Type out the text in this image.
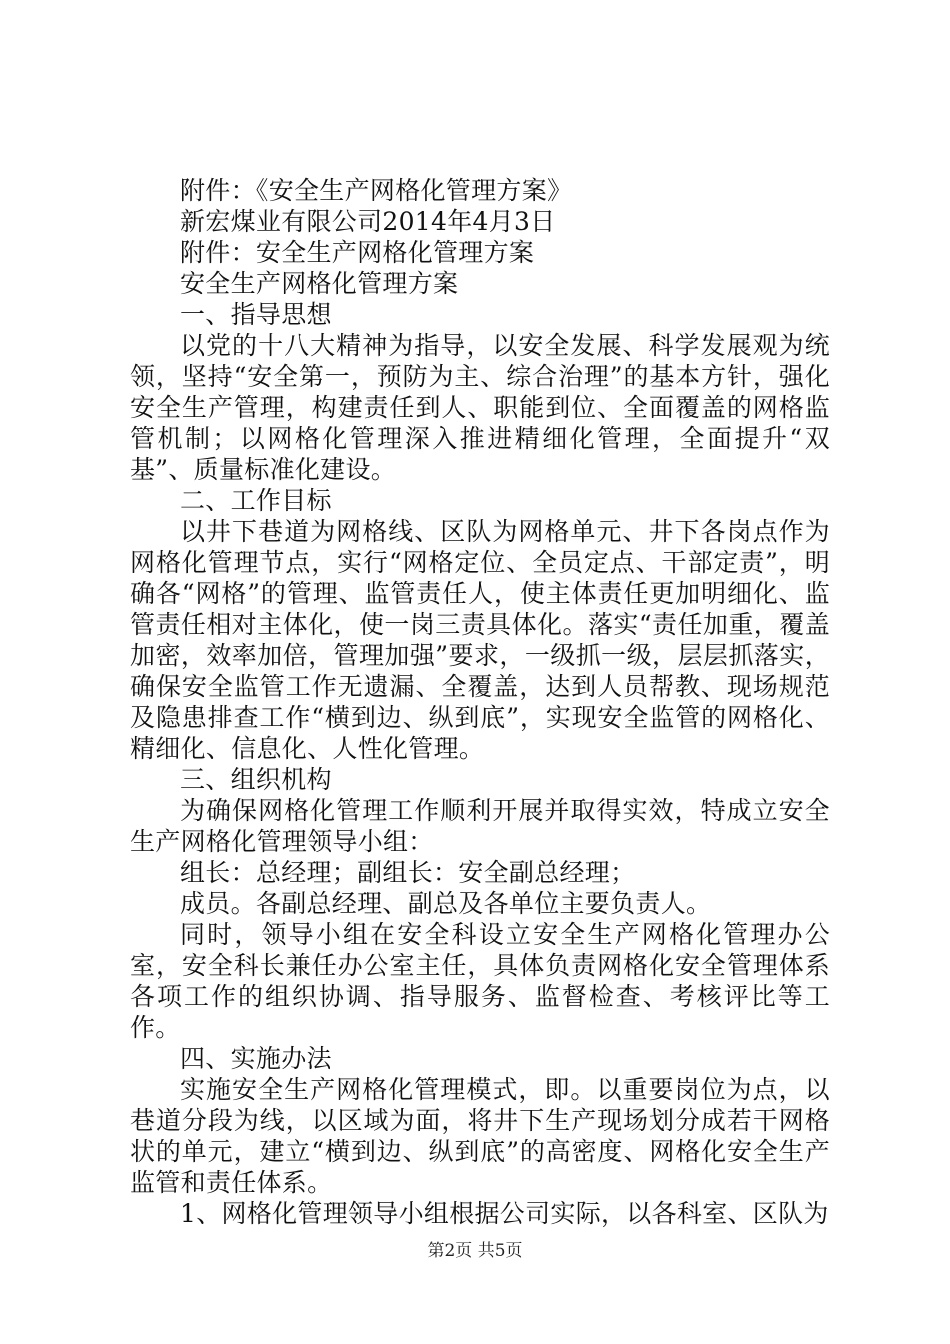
附件：《安全生产网格化管理方案》

新宏煤业有限公司2014年4月3日

附件：安全生产网格化管理方案

安全生产网格化管理方案

一、指导思想

以党的十八大精神为指导，以安全发展、科学发展观为统领，坚持“安全第一，预防为主、综合治理”的基本方针，强化安全生产管理，构建责任到人、职能到位、全面覆盖的网格监管机制；以网格化管理深入推进精细化管理，全面提升“双基”、质量标准化建设。

二、工作目标

以井下巷道为网格线、区队为网格单元、井下各岗点作为网格化管理节点，实行“网格定位、全员定点、干部定责”，明确各“网格”的管理、监管责任人，使主体责任更加明细化、监管责任相对主体化，使一岗三责具体化。落实“责任加重，覆盖加密，效率加倍，管理加强”要求，一级抓一级，层层抓落实，确保安全监管工作无遗漏、全覆盖，达到人员帮教、现场规范及隐患排查工作“横到边、纵到底”，实现安全监管的网格化、精细化、信息化、人性化管理。

三、组织机构

为确保网格化管理工作顺利开展并取得实效，特成立安全生产网格化管理领导小组：

组长：总经理；副组长：安全副总经理；

成员。各副总经理、副总及各单位主要负责人。

同时，领导小组在安全科设立安全生产网格化管理办公室，安全科长兼任办公室主任，具体负责网格化安全管理体系各项工作的组织协调、指导服务、监督检查、考核评比等工作。

四、实施办法

实施安全生产网格化管理模式，即。以重要岗位为点，以巷道分段为线，以区域为面，将井下生产现场划分成若干网格状的单元，建立“横到边、纵到底”的高密度、网格化安全生产监管和责任体系。

1、网格化管理领导小组根据公司实际，以各科室、区队为

第2页 共5页
